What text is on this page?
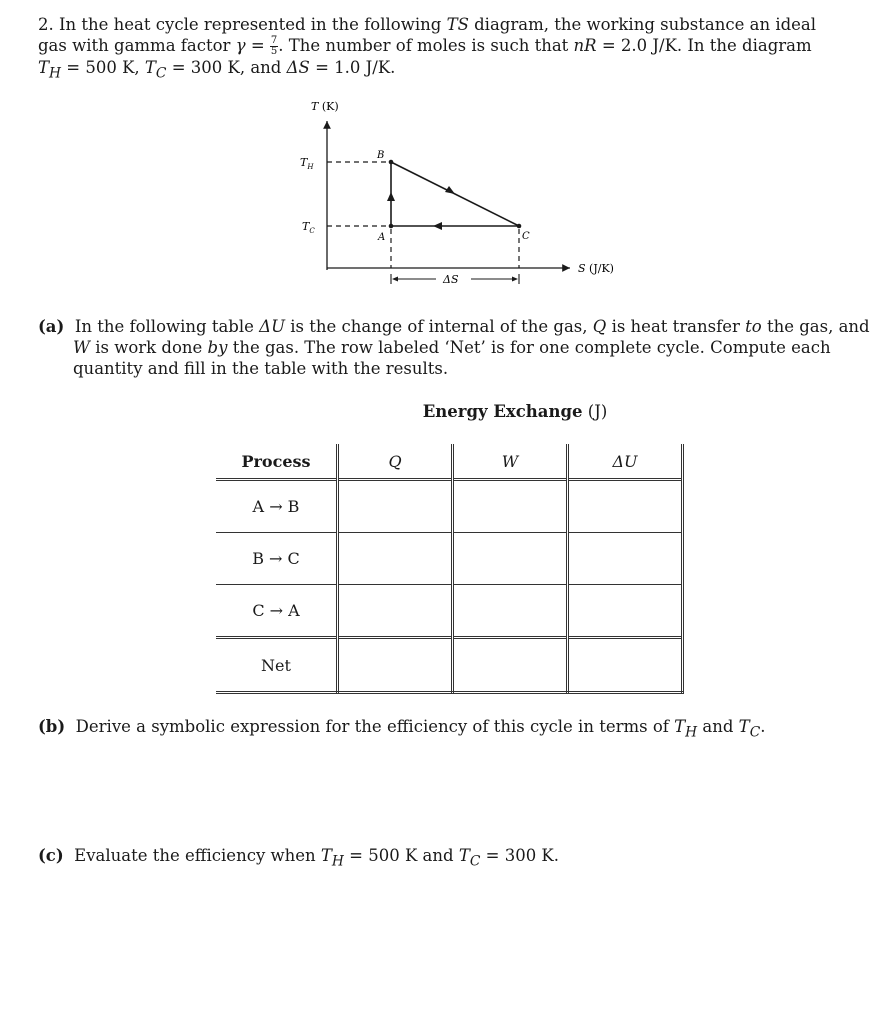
2. In the heat cycle represented in the following TS diagram, the working substance an ideal gas with gamma factor $\gamma = \frac{7}{5}$ . The number of moles is such that nR = 2.0 J/K. In the diagram $T_H = 500$ K, $T_C = 300$ K, and ΔS = 1.0 J/K.

T (K)
S (J/K)
$T_H$
$T_C$
B
A	C
ΔS
(a) In the following table ΔU is the change of internal of the gas, Q is heat transfer to the gas, and W is work done by the gas. The row labeled ‘Net’ is for one complete cycle. Compute each quantity and fill in the table with the results.
Energy Exchange (J)
Process	Q	W	ΔU
A → B			
B → C			
C → A			
Net			
(b) Derive a symbolic expression for the efficiency of this cycle in terms of $T_H$ and $T_C$.
(c) Evaluate the efficiency when $T_H = 500$ K and $T_C = 300$ K.
